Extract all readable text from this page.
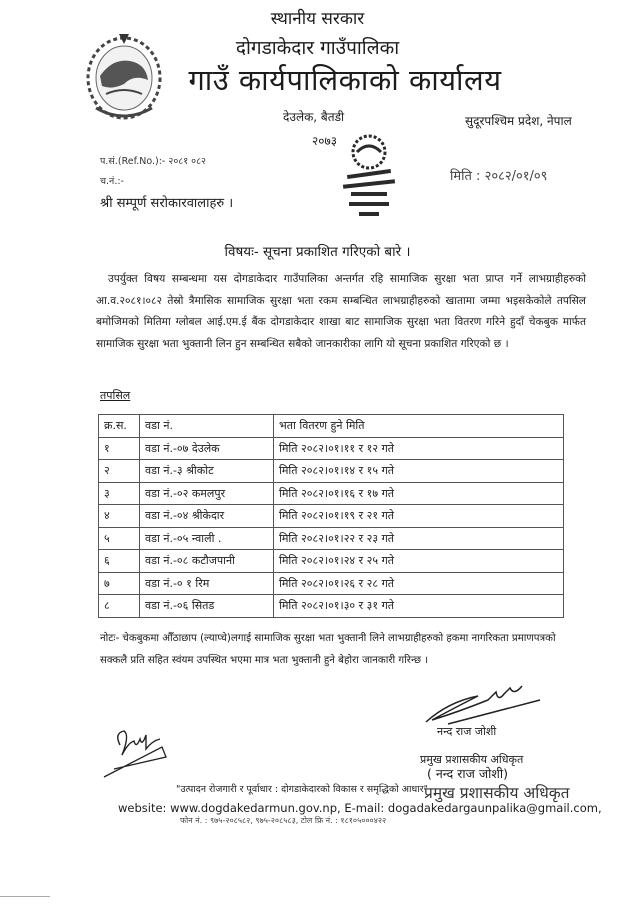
स्थानीय सरकार
दोगडाकेदार गाउँपालिका
गाउँ कार्यपालिकाको कार्यालय
देउलेक, बैतडी	सुदूरपश्चिम प्रदेश, नेपाल
२०७३
प.सं.(Ref.No.):- २०८१ ०८२
च.नं.:-
श्री सम्पूर्ण सरोकारवालाहरु ।
मिति : २०८२/०१/०९
विषयः- सूचना प्रकाशित गरिएको बारे ।
उपर्युक्त विषय सम्बन्धमा यस दोगडाकेदार गाउँपालिका अन्तर्गत रहि सामाजिक सुरक्षा भता प्राप्त गर्ने लाभग्राहीहरुको आ.व.२०८१।०८२ तेस्रो त्रैमासिक सामाजिक सुरक्षा भता रकम सम्बन्धित लाभग्राहीहरुको खातामा जम्मा भइसकेकोले तपसिल बमोजिमको मितिमा ग्लोबल आई.एम.ई बैंक दोगडाकेदार शाखा बाट सामाजिक सुरक्षा भता वितरण गरिने हुदाँ चेकबुक मार्फत सामाजिक सुरक्षा भता भुक्तानी लिन हुन सम्बन्धित सबैको जानकारीका लागि यो सूचना प्रकाशित गरिएको छ ।
तपसिल
क्र.स.	वडा नं.	भता वितरण हुने मिति
१	वडा नं.-०७ देउलेक	मिति २०८२।०१।११ र १२ गते
२	वडा नं.-३ श्रीकोट	मिति २०८२।०१।१४ र १५ गते
३	वडा नं.-०२ कमलपुर	मिति २०८२।०१।१६ र १७ गते
४	वडा नं.-०४ श्रीकेदार	मिति २०८२।०१।१९ र २१ गते
५	वडा नं.-०५ न्वाली .	मिति २०८२।०१।२२ र २३ गते
६	वडा नं.-०८ कटौजपानी	मिति २०८२।०१।२४ र २५ गते
७	वडा नं.-० १ रिम	मिति २०८२।०१।२६ र २८ गते
८	वडा नं.-०६ सितड	मिति २०८२।०१।३० र ३१ गते
नोटः- चेकबुकमा औँठाछाप (ल्याप्चे)लगाई सामाजिक सुरक्षा भता भुक्तानी लिने लाभग्राहीहरुको हकमा नागरिकता प्रमाणपत्रको सक्कलै प्रति सहित स्वंयम उपस्थित भएमा मात्र भता भुक्तानी हुने बेहोरा जानकारी गरिन्छ ।
नन्द राज जोशी
प्रमुख प्रशासकीय अधिकृत
( नन्द राज जोशी)
"उत्पादन रोजगारी र पूर्वाधार : दोगडाकेदारको विकास र समृद्धिको आधार"
प्रमुख प्रशासकीय अधिकृत
website: www.dogdakedarmun.gov.np, E-mail: dogadakedargaunpalika@gmail.com,
फोन नं. : ९७५-२०८५८२, ९७५-२०८५८३, टोल फ्रि नं. : १८१०५०००४२२
